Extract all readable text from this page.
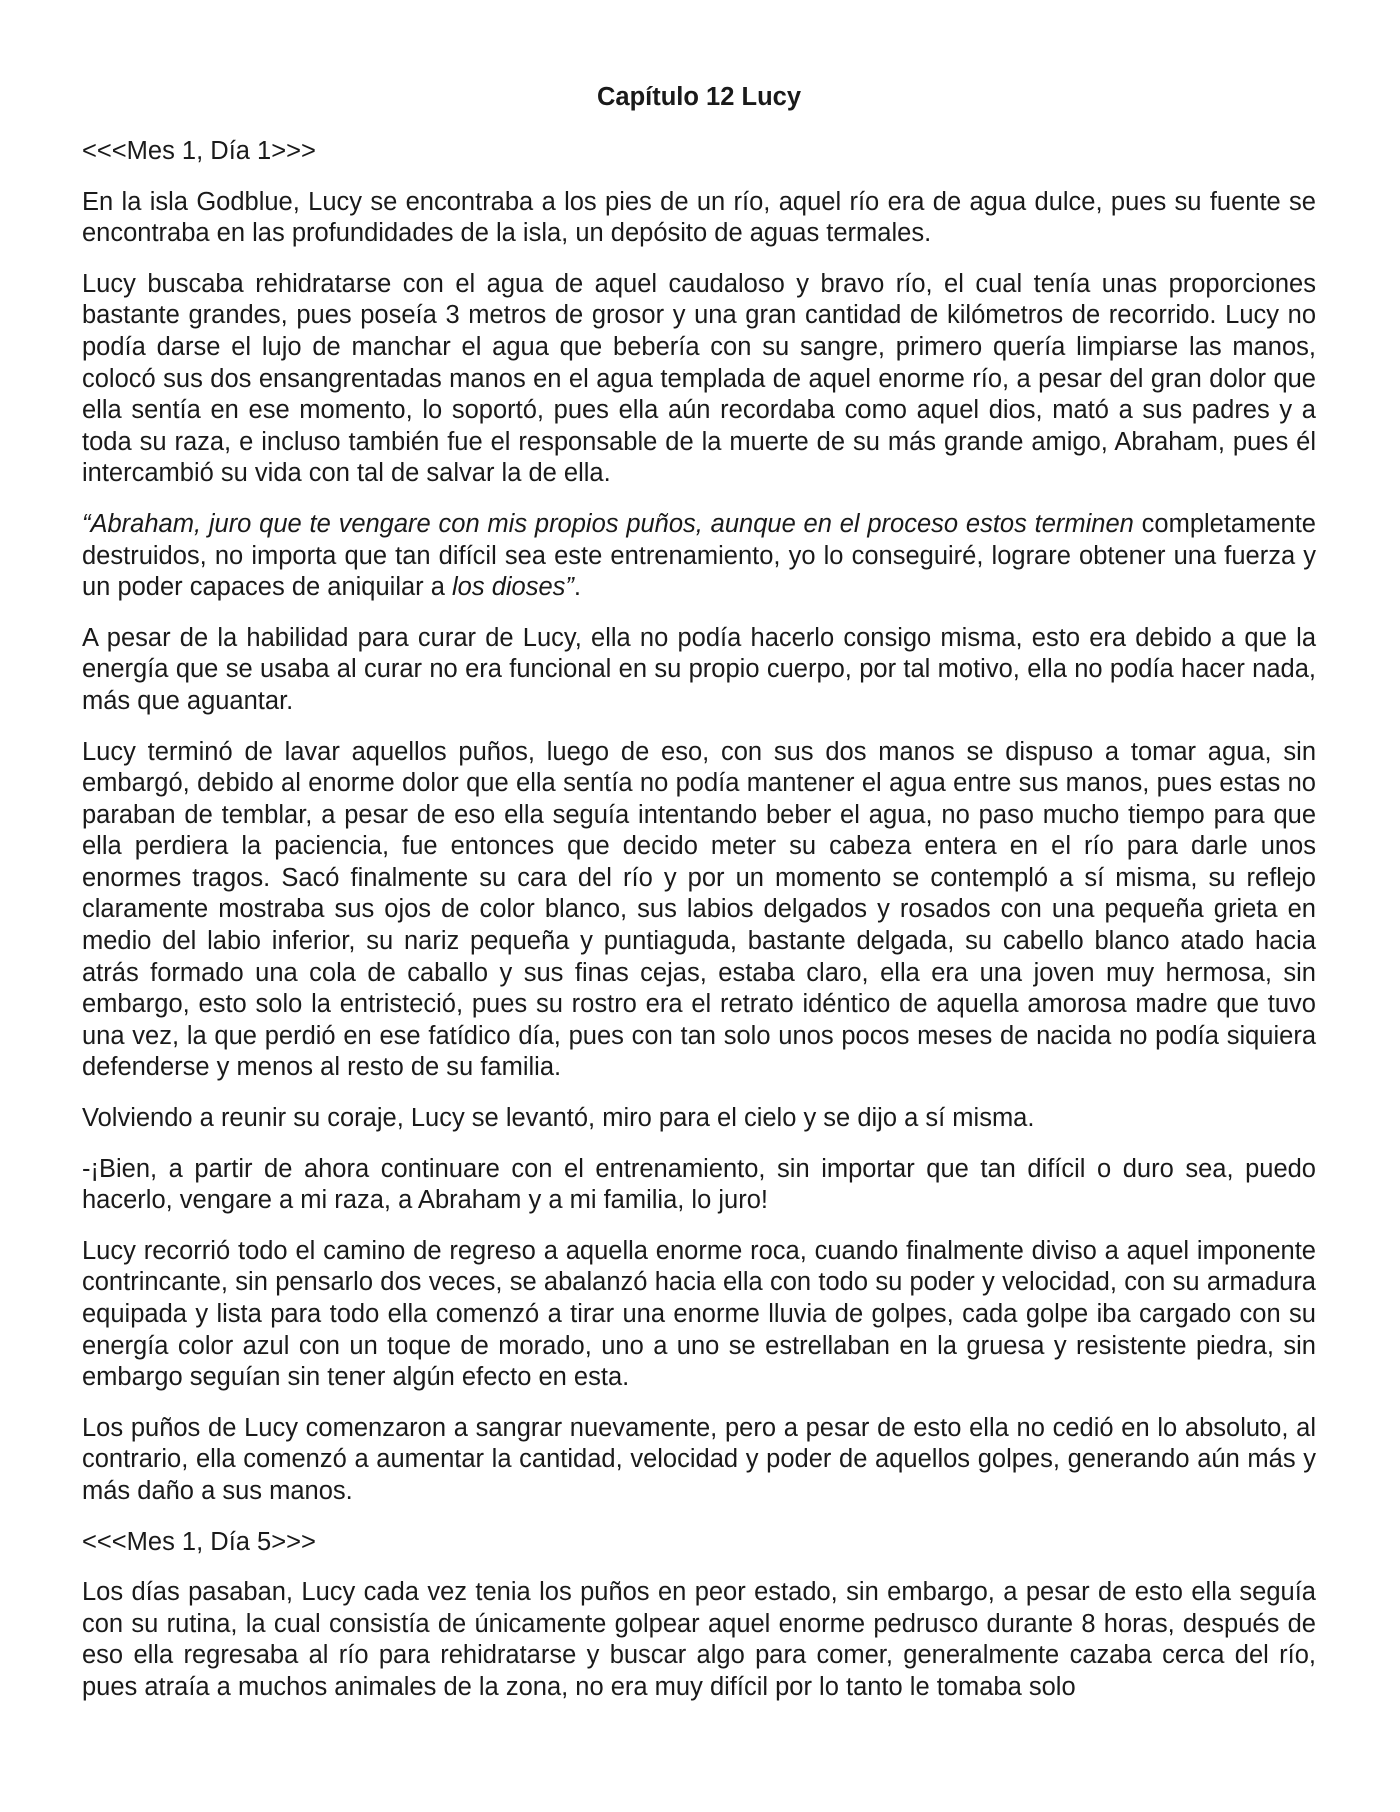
Capítulo 12 Lucy

<<<Mes 1, Día 1>>>

En la isla Godblue, Lucy se encontraba a los pies de un río, aquel río era de agua dulce, pues su fuente se encontraba en las profundidades de la isla, un depósito de aguas termales.

Lucy buscaba rehidratarse con el agua de aquel caudaloso y bravo río, el cual tenía unas proporciones bastante grandes, pues poseía 3 metros de grosor y una gran cantidad de kilómetros de recorrido. Lucy no podía darse el lujo de manchar el agua que bebería con su sangre, primero quería limpiarse las manos, colocó sus dos ensangrentadas manos en el agua templada de aquel enorme río, a pesar del gran dolor que ella sentía en ese momento, lo soportó, pues ella aún recordaba como aquel dios, mató a sus padres y a toda su raza, e incluso también fue el responsable de la muerte de su más grande amigo, Abraham, pues él intercambió su vida con tal de salvar la de ella.

“Abraham, juro que te vengare con mis propios puños, aunque en el proceso estos terminen completamente destruidos, no importa que tan difícil sea este entrenamiento, yo lo conseguiré, lograre obtener una fuerza y un poder capaces de aniquilar a los dioses”.

A pesar de la habilidad para curar de Lucy, ella no podía hacerlo consigo misma, esto era debido a que la energía que se usaba al curar no era funcional en su propio cuerpo, por tal motivo, ella no podía hacer nada, más que aguantar.

Lucy terminó de lavar aquellos puños, luego de eso, con sus dos manos se dispuso a tomar agua, sin embargó, debido al enorme dolor que ella sentía no podía mantener el agua entre sus manos, pues estas no paraban de temblar, a pesar de eso ella seguía intentando beber el agua, no paso mucho tiempo para que ella perdiera la paciencia, fue entonces que decido meter su cabeza entera en el río para darle unos enormes tragos. Sacó finalmente su cara del río y por un momento se contempló a sí misma, su reflejo claramente mostraba sus ojos de color blanco, sus labios delgados y rosados con una pequeña grieta en medio del labio inferior, su nariz pequeña y puntiaguda, bastante delgada, su cabello blanco atado hacia atrás formado una cola de caballo y sus finas cejas, estaba claro, ella era una joven muy hermosa, sin embargo, esto solo la entristeció, pues su rostro era el retrato idéntico de aquella amorosa madre que tuvo una vez, la que perdió en ese fatídico día, pues con tan solo unos pocos meses de nacida no podía siquiera defenderse y menos al resto de su familia.

Volviendo a reunir su coraje, Lucy se levantó, miro para el cielo y se dijo a sí misma.

-¡Bien, a partir de ahora continuare con el entrenamiento, sin importar que tan difícil o duro sea, puedo hacerlo, vengare a mi raza, a Abraham y a mi familia, lo juro!

Lucy recorrió todo el camino de regreso a aquella enorme roca, cuando finalmente diviso a aquel imponente contrincante, sin pensarlo dos veces, se abalanzó hacia ella con todo su poder y velocidad, con su armadura equipada y lista para todo ella comenzó a tirar una enorme lluvia de golpes, cada golpe iba cargado con su energía color azul con un toque de morado, uno a uno se estrellaban en la gruesa y resistente piedra, sin embargo seguían sin tener algún efecto en esta.

Los puños de Lucy comenzaron a sangrar nuevamente, pero a pesar de esto ella no cedió en lo absoluto, al contrario, ella comenzó a aumentar la cantidad, velocidad y poder de aquellos golpes, generando aún más y más daño a sus manos.

<<<Mes 1, Día 5>>>

Los días pasaban, Lucy cada vez tenia los puños en peor estado, sin embargo, a pesar de esto ella seguía con su rutina, la cual consistía de únicamente golpear aquel enorme pedrusco durante 8 horas, después de eso ella regresaba al río para rehidratarse y buscar algo para comer, generalmente cazaba cerca del río, pues atraía a muchos animales de la zona, no era muy difícil por lo tanto le tomaba solo
